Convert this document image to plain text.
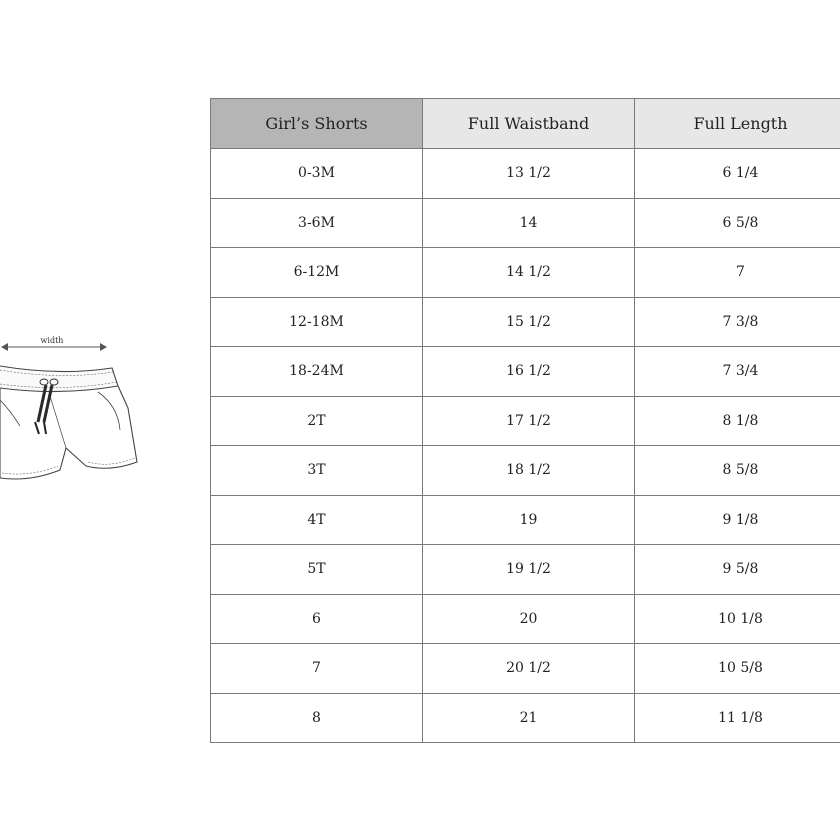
width
Girl’s Shorts	Full Waistband	Full Length
0-3M	13 1/2	6 1/4
3-6M	14	6 5/8
6-12M	14 1/2	7
12-18M	15 1/2	7 3/8
18-24M	16 1/2	7 3/4
2T	17 1/2	8 1/8
3T	18 1/2	8 5/8
4T	19	9 1/8
5T	19 1/2	9 5/8
6	20	10 1/8
7	20 1/2	10 5/8
8	21	11 1/8
